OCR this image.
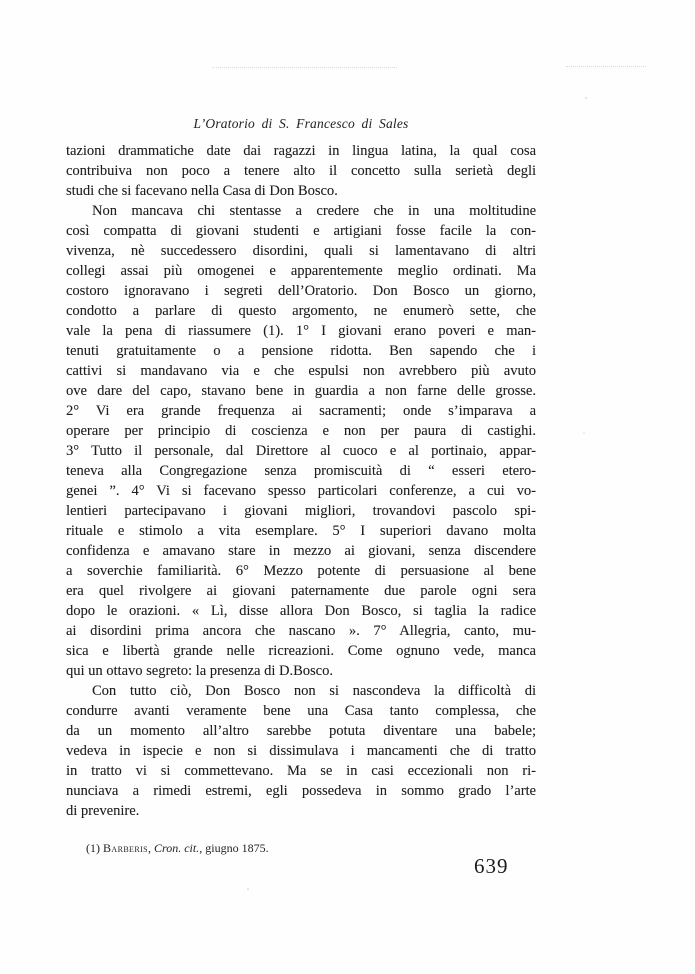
L’Oratorio di S. Francesco di Sales
tazioni drammatiche date dai ragazzi in lingua latina, la qual cosa
contribuiva non poco a tenere alto il concetto sulla serietà degli
studi che si facevano nella Casa di Don Bosco.
Non mancava chi stentasse a credere che in una moltitudine
così compatta di giovani studenti e artigiani fosse facile la con-
vivenza, nè succedessero disordini, quali si lamentavano di altri
collegi assai più omogenei e apparentemente meglio ordinati. Ma
costoro ignoravano i segreti dell’Oratorio. Don Bosco un giorno,
condotto a parlare di questo argomento, ne enumerò sette, che
vale la pena di riassumere (1). 1° I giovani erano poveri e man-
tenuti gratuitamente o a pensione ridotta. Ben sapendo che i
cattivi si mandavano via e che espulsi non avrebbero più avuto
ove dare del capo, stavano bene in guardia a non farne delle grosse.
2° Vi era grande frequenza ai sacramenti; onde s’imparava a
operare per principio di coscienza e non per paura di castighi.
3° Tutto il personale, dal Direttore al cuoco e al portinaio, appar-
teneva alla Congregazione senza promiscuità di “ esseri etero-
genei ”. 4° Vi si facevano spesso particolari conferenze, a cui vo-
lentieri partecipavano i giovani migliori, trovandovi pascolo spi-
rituale e stimolo a vita esemplare. 5° I superiori davano molta
confidenza e amavano stare in mezzo ai giovani, senza discendere
a soverchie familiarità. 6° Mezzo potente di persuasione al bene
era quel rivolgere ai giovani paternamente due parole ogni sera
dopo le orazioni. « Lì, disse allora Don Bosco, si taglia la radice
ai disordini prima ancora che nascano ». 7° Allegria, canto, mu-
sica e libertà grande nelle ricreazioni. Come ognuno vede, manca
qui un ottavo segreto: la presenza di D.Bosco.
Con tutto ciò, Don Bosco non si nascondeva la difficoltà di
condurre avanti veramente bene una Casa tanto complessa, che
da un momento all’altro sarebbe potuta diventare una babele;
vedeva in ispecie e non si dissimulava i mancamenti che di tratto
in tratto vi si commettevano. Ma se in casi eccezionali non ri-
nunciava a rimedi estremi, egli possedeva in sommo grado l’arte
di prevenire.
(1) Barberis, Cron. cit., giugno 1875.
639
